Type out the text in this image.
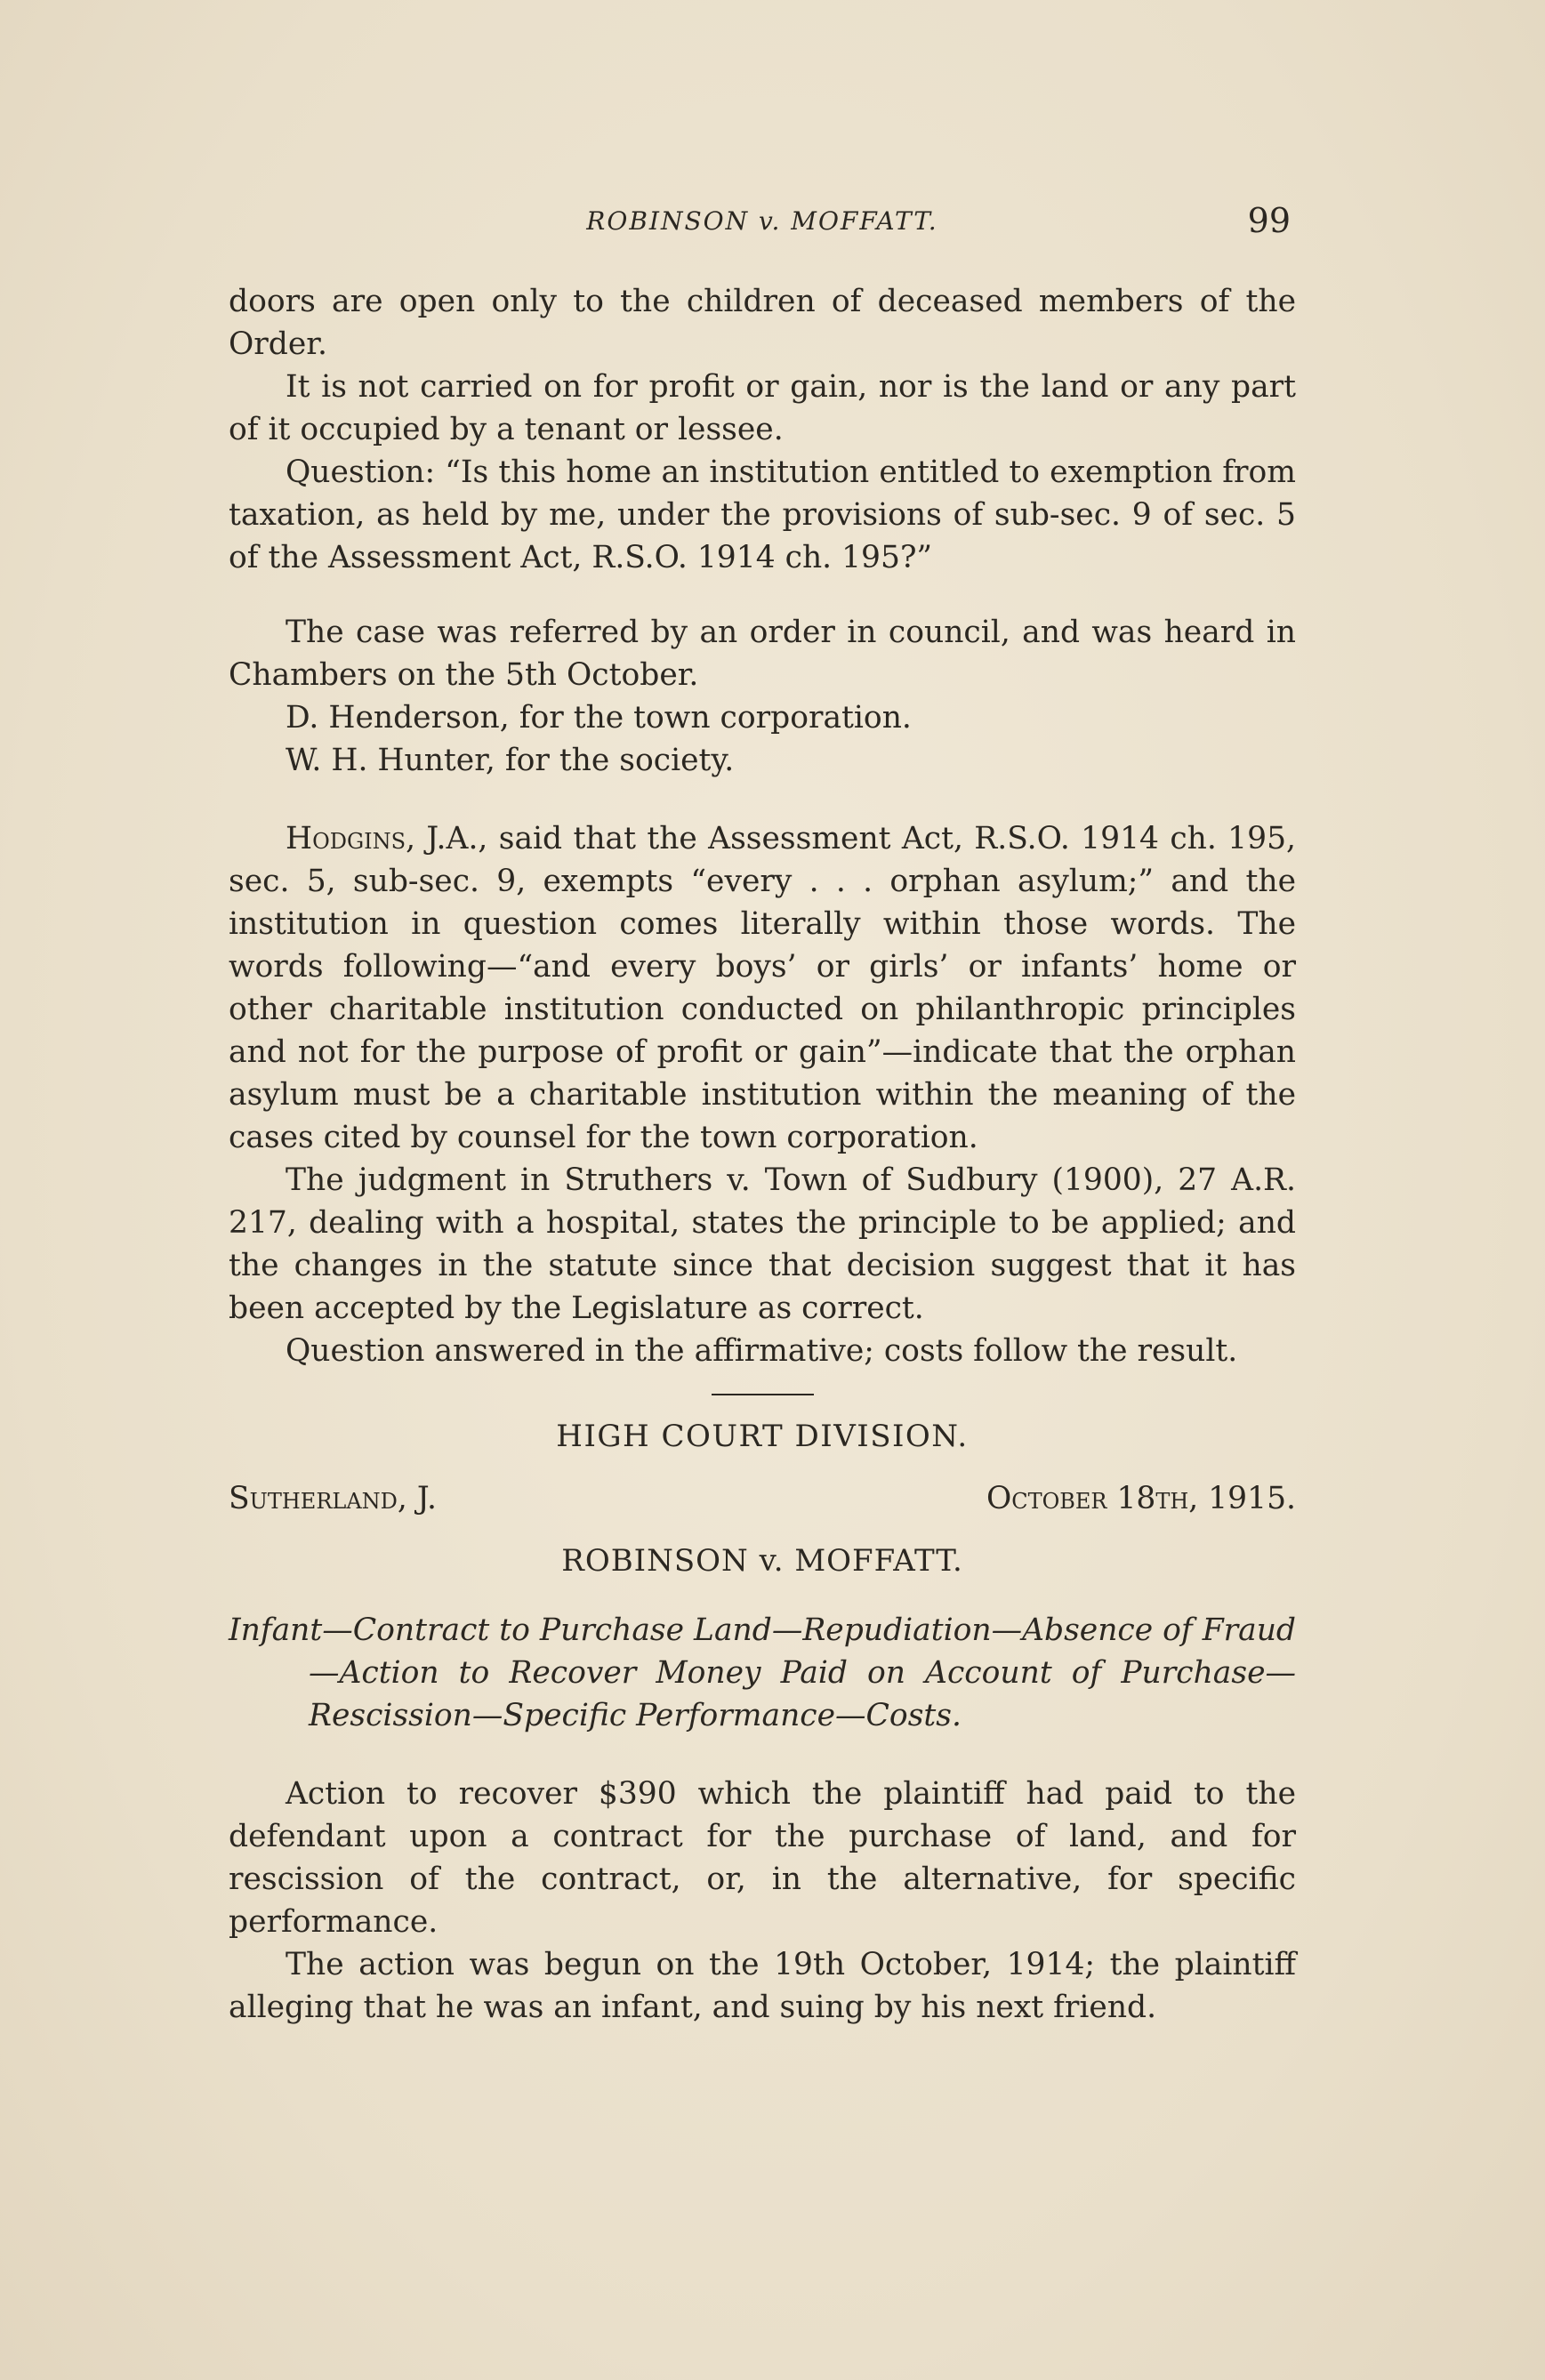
ROBINSON v. MOFFATT.	99

doors are open only to the children of deceased members of the Order.

It is not carried on for profit or gain, nor is the land or any part of it occupied by a tenant or lessee.

Question: “Is this home an institution entitled to exemption from taxation, as held by me, under the provisions of sub-sec. 9 of sec. 5 of the Assessment Act, R.S.O. 1914 ch. 195?”

The case was referred by an order in council, and was heard in Chambers on the 5th October.

D. Henderson, for the town corporation.

W. H. Hunter, for the society.

Hodgins, J.A., said that the Assessment Act, R.S.O. 1914 ch. 195, sec. 5, sub-sec. 9, exempts “every . . . orphan asylum;” and the institution in question comes literally within those words. The words following—“and every boys’ or girls’ or infants’ home or other charitable institution conducted on philanthropic principles and not for the purpose of profit or gain”—indicate that the orphan asylum must be a charitable institution within the meaning of the cases cited by counsel for the town corporation.

The judgment in Struthers v. Town of Sudbury (1900), 27 A.R. 217, dealing with a hospital, states the principle to be applied; and the changes in the statute since that decision suggest that it has been accepted by the Legislature as correct.

Question answered in the affirmative; costs follow the result.

HIGH COURT DIVISION.

Sutherland, J.	October 18th, 1915.

ROBINSON v. MOFFATT.

Infant—Contract to Purchase Land—Repudiation—Absence of Fraud—Action to Recover Money Paid on Account of Purchase—Rescission—Specific Performance—Costs.

Action to recover $390 which the plaintiff had paid to the defendant upon a contract for the purchase of land, and for rescission of the contract, or, in the alternative, for specific performance.

The action was begun on the 19th October, 1914; the plaintiff alleging that he was an infant, and suing by his next friend.
